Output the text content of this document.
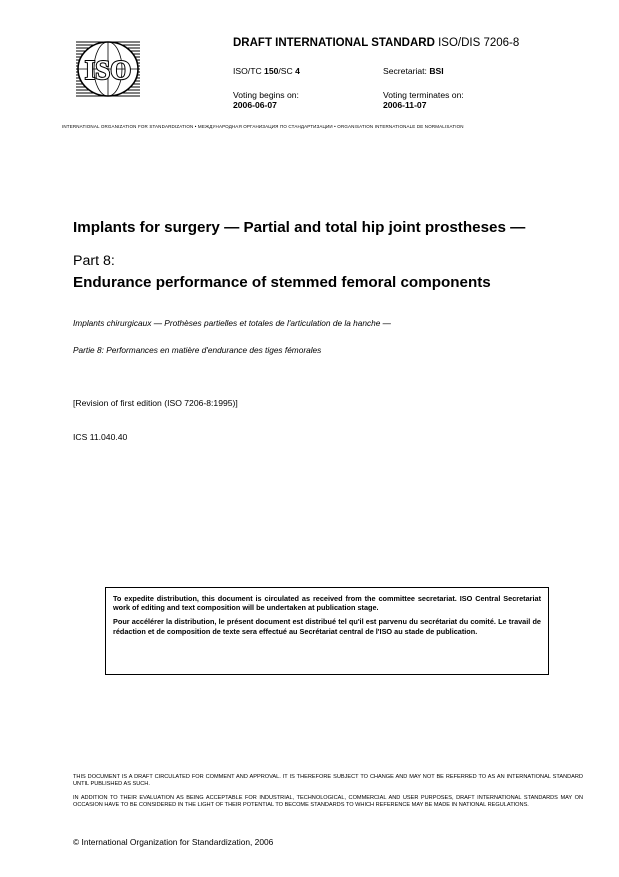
ISO
DRAFT INTERNATIONAL STANDARD ISO/DIS 7206-8
ISO/TC 150/SC 4	Secretariat: BSI
Voting begins on:
2006-06-07
Voting terminates on:
2006-11-07
INTERNATIONAL ORGANIZATION FOR STANDARDIZATION • МЕЖДУНАРОДНАЯ ОРГАНИЗАЦИЯ ПО СТАНДАРТИЗАЦИИ • ORGANISATION INTERNATIONALE DE NORMALISATION
Implants for surgery — Partial and total hip joint prostheses —
Part 8:
Endurance performance of stemmed femoral components
Implants chirurgicaux — Prothèses partielles et totales de l'articulation de la hanche —
Partie 8: Performances en matière d'endurance des tiges fémorales
[Revision of first edition (ISO 7206-8:1995)]
ICS 11.040.40

To expedite distribution, this document is circulated as received from the committee secretariat. ISO Central Secretariat work of editing and text composition will be undertaken at publication stage.

Pour accélérer la distribution, le présent document est distribué tel qu'il est parvenu du secrétariat du comité. Le travail de rédaction et de composition de texte sera effectué au Secrétariat central de l'ISO au stade de publication.

THIS DOCUMENT IS A DRAFT CIRCULATED FOR COMMENT AND APPROVAL. IT IS THEREFORE SUBJECT TO CHANGE AND MAY NOT BE REFERRED TO AS AN INTERNATIONAL STANDARD UNTIL PUBLISHED AS SUCH.
IN ADDITION TO THEIR EVALUATION AS BEING ACCEPTABLE FOR INDUSTRIAL, TECHNOLOGICAL, COMMERCIAL AND USER PURPOSES, DRAFT INTERNATIONAL STANDARDS MAY ON OCCASION HAVE TO BE CONSIDERED IN THE LIGHT OF THEIR POTENTIAL TO BECOME STANDARDS TO WHICH REFERENCE MAY BE MADE IN NATIONAL REGULATIONS.
© International Organization for Standardization, 2006
